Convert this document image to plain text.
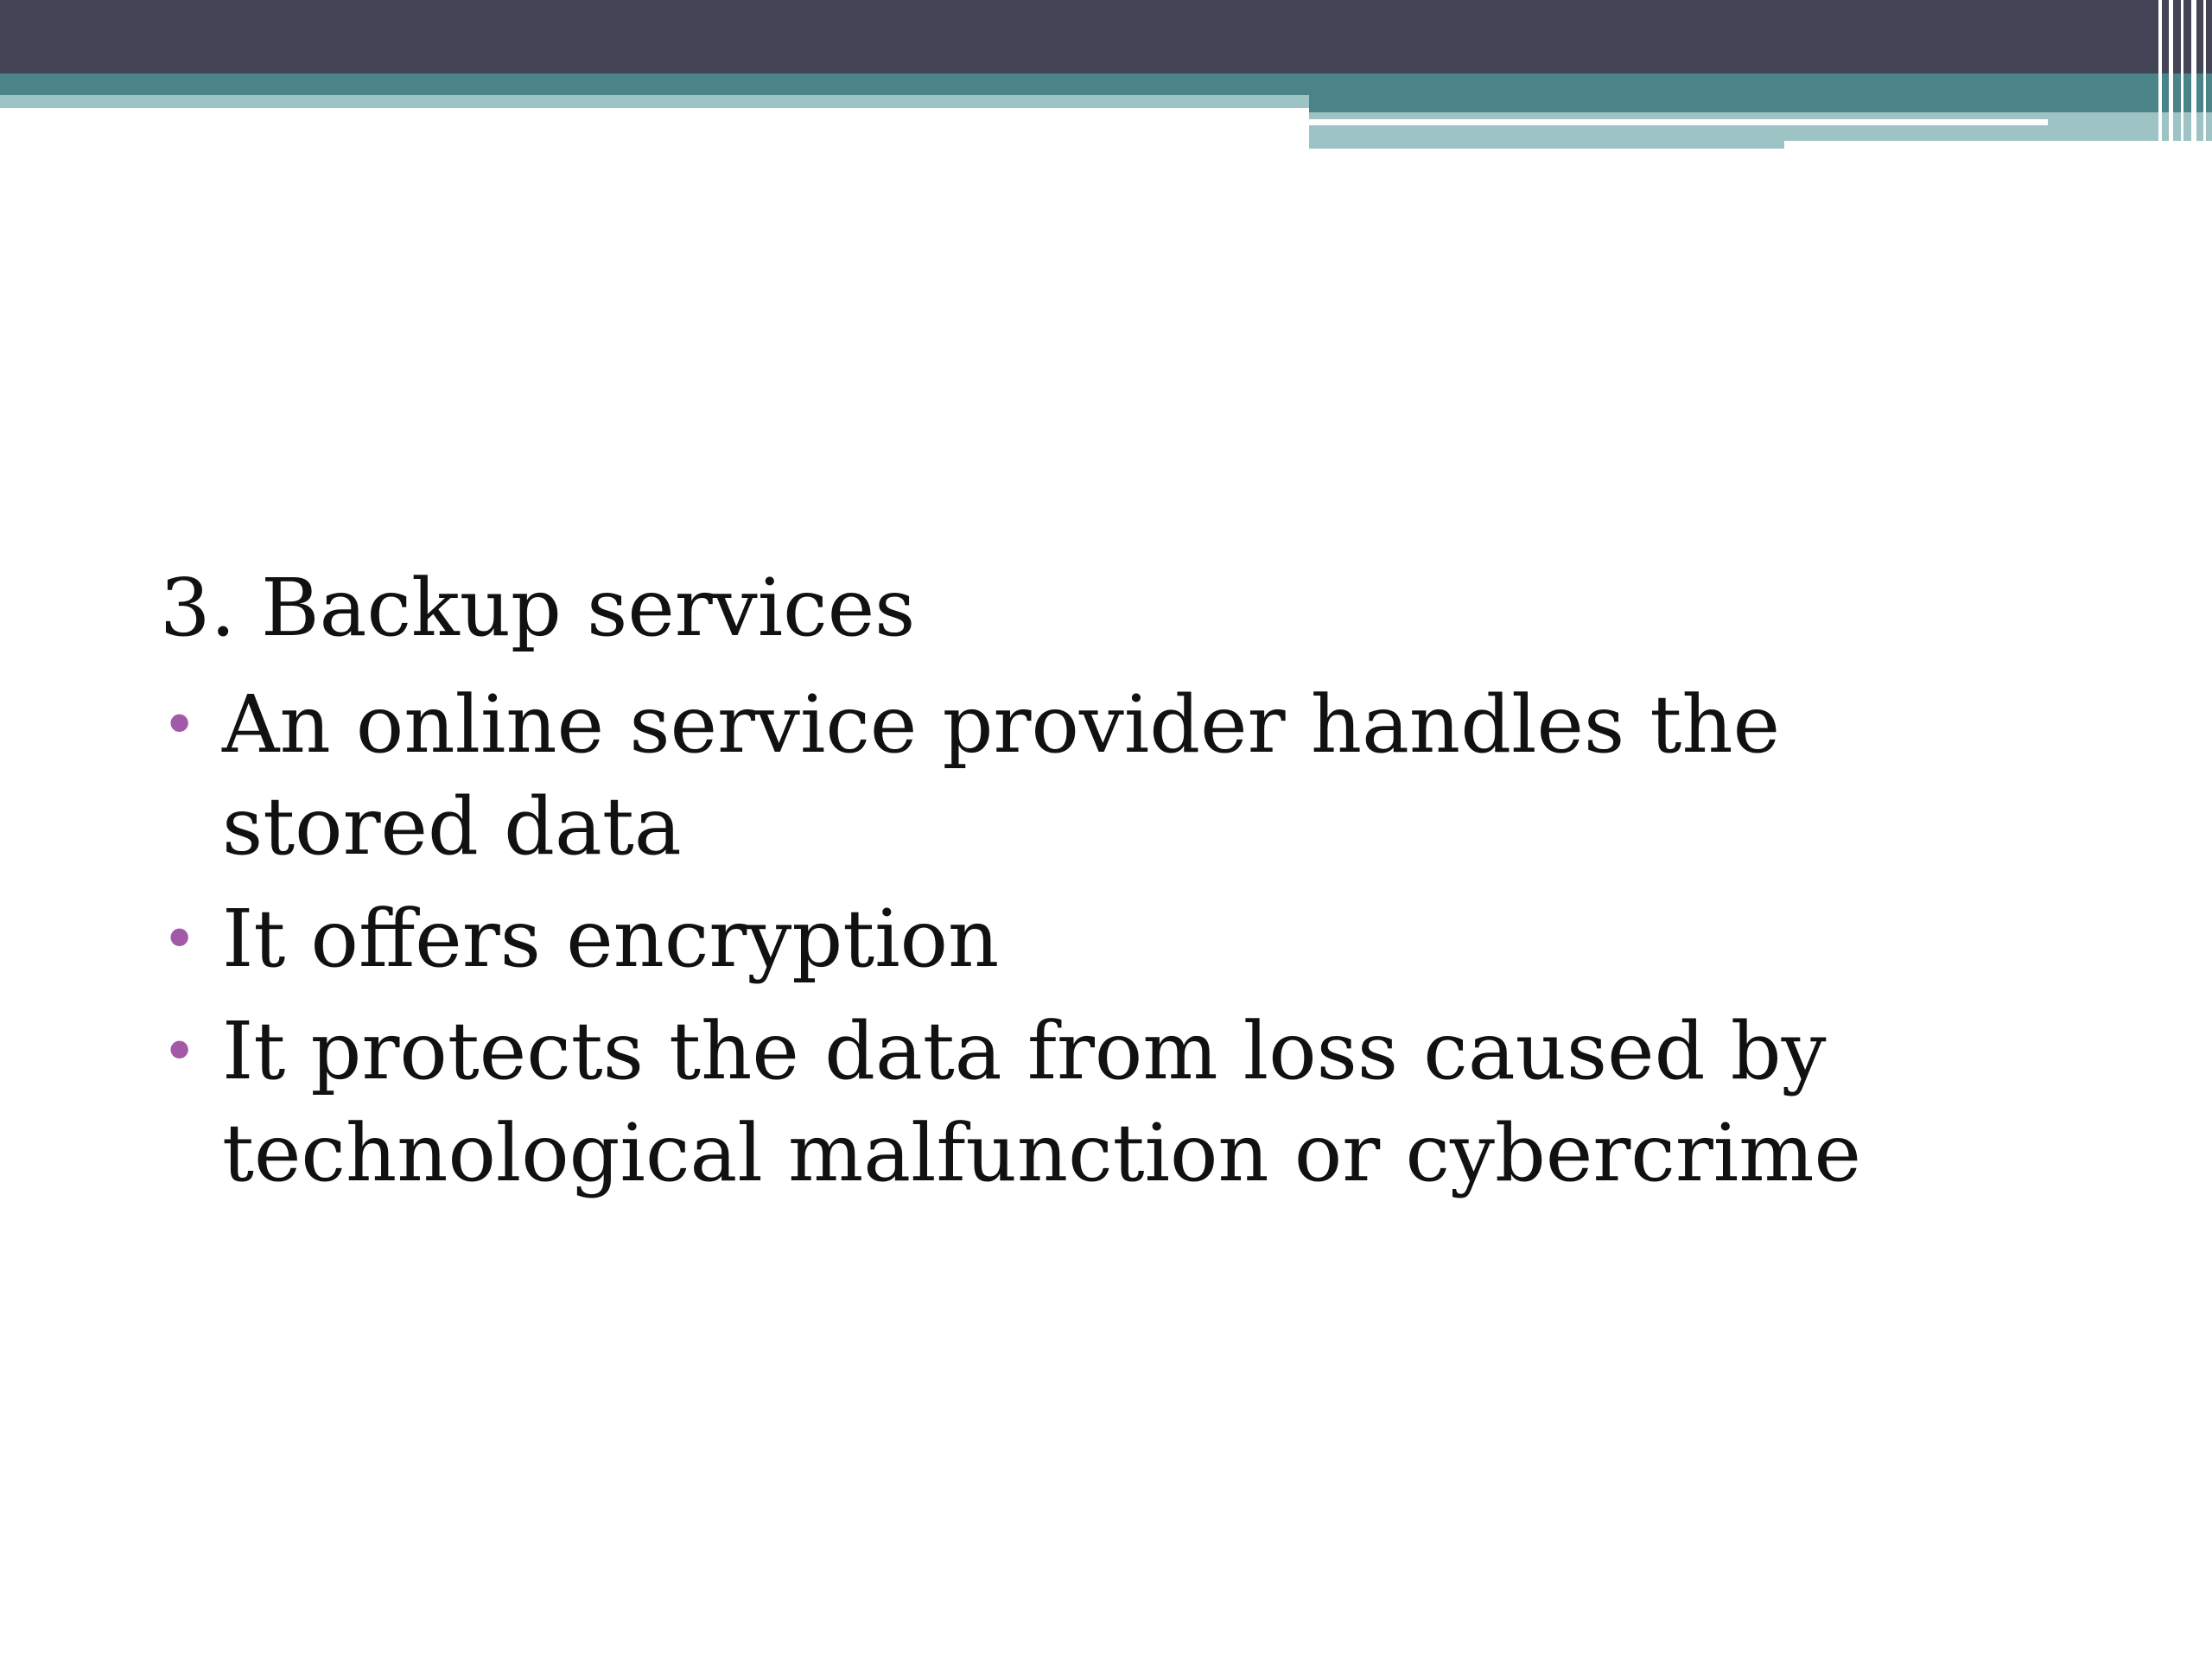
3. Backup services
• An online service provider handles the stored data
• It offers encryption
• It protects the data from loss caused by technological malfunction or cybercrime
